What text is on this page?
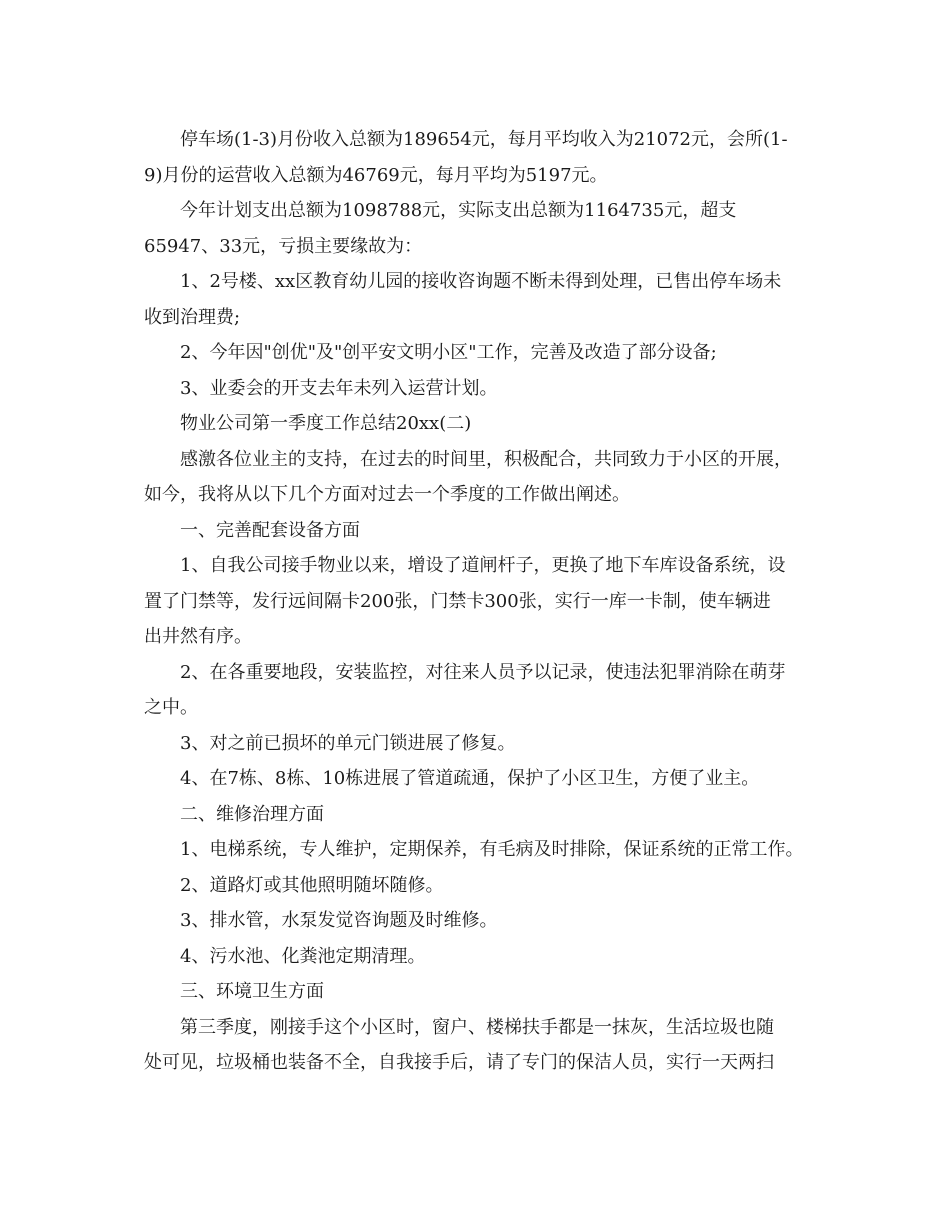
　　停车场(1-3)月份收入总额为189654元，每月平均收入为21072元，会所(1-
9)月份的运营收入总额为46769元，每月平均为5197元。

　　今年计划支出总额为1098788元，实际支出总额为1164735元，超支
65947、33元，亏损主要缘故为：

　　1、2号楼、xx区教育幼儿园的接收咨询题不断未得到处理，已售出停车场未
收到治理费;

　　2、今年因"创优"及"创平安文明小区"工作，完善及改造了部分设备;

　　3、业委会的开支去年未列入运营计划。

　　物业公司第一季度工作总结20xx(二)

　　感激各位业主的支持，在过去的时间里，积极配合，共同致力于小区的开展，
如今，我将从以下几个方面对过去一个季度的工作做出阐述。

　　一、完善配套设备方面

　　1、自我公司接手物业以来，增设了道闸杆子，更换了地下车库设备系统，设
置了门禁等，发行远间隔卡200张，门禁卡300张，实行一库一卡制，使车辆进
出井然有序。

　　2、在各重要地段，安装监控，对往来人员予以记录，使违法犯罪消除在萌芽
之中。

　　3、对之前已损坏的单元门锁进展了修复。

　　4、在7栋、8栋、10栋进展了管道疏通，保护了小区卫生，方便了业主。

　　二、维修治理方面

　　1、电梯系统，专人维护，定期保养，有毛病及时排除，保证系统的正常工作。

　　2、道路灯或其他照明随坏随修。

　　3、排水管，水泵发觉咨询题及时维修。

　　4、污水池、化粪池定期清理。

　　三、环境卫生方面

　　第三季度，刚接手这个小区时，窗户、楼梯扶手都是一抹灰，生活垃圾也随
处可见，垃圾桶也装备不全，自我接手后，请了专门的保洁人员，实行一天两扫
